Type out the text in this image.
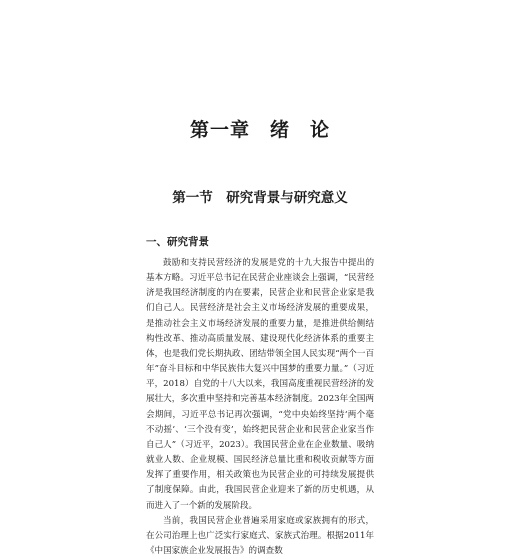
第一章　绪　论
第一节　研究背景与研究意义
一、研究背景

鼓励和支持民营经济的发展是党的十九大报告中提出的基本方略。习近平总书记在民营企业座谈会上强调，“民营经济是我国经济制度的内在要素，民营企业和民营企业家是我们自己人。民营经济是社会主义市场经济发展的重要成果，是推动社会主义市场经济发展的重要力量，是推进供给侧结构性改革、推动高质量发展、建设现代化经济体系的重要主体，也是我们党长期执政、团结带领全国人民实现“两个一百年”奋斗目标和中华民族伟大复兴中国梦的重要力量。”（习近平，2018）自党的十八大以来，我国高度重视民营经济的发展壮大，多次重申坚持和完善基本经济制度。2023年全国两会期间，习近平总书记再次强调，“党中央始终坚持‘两个毫不动摇’、‘三个没有变’，始终把民营企业和民营企业家当作自己人”（习近平，2023）。我国民营企业在企业数量、吸纳就业人数、企业规模、国民经济总量比重和税收贡献等方面发挥了重要作用，相关政策也为民营企业的可持续发展提供了制度保障。由此，我国民营企业迎来了新的历史机遇，从而进入了一个新的发展阶段。

当前，我国民营企业普遍采用家庭或家族拥有的形式，在公司治理上也广泛实行家庭式、家族式治理。根据2011年《中国家族企业发展报告》的调查数
